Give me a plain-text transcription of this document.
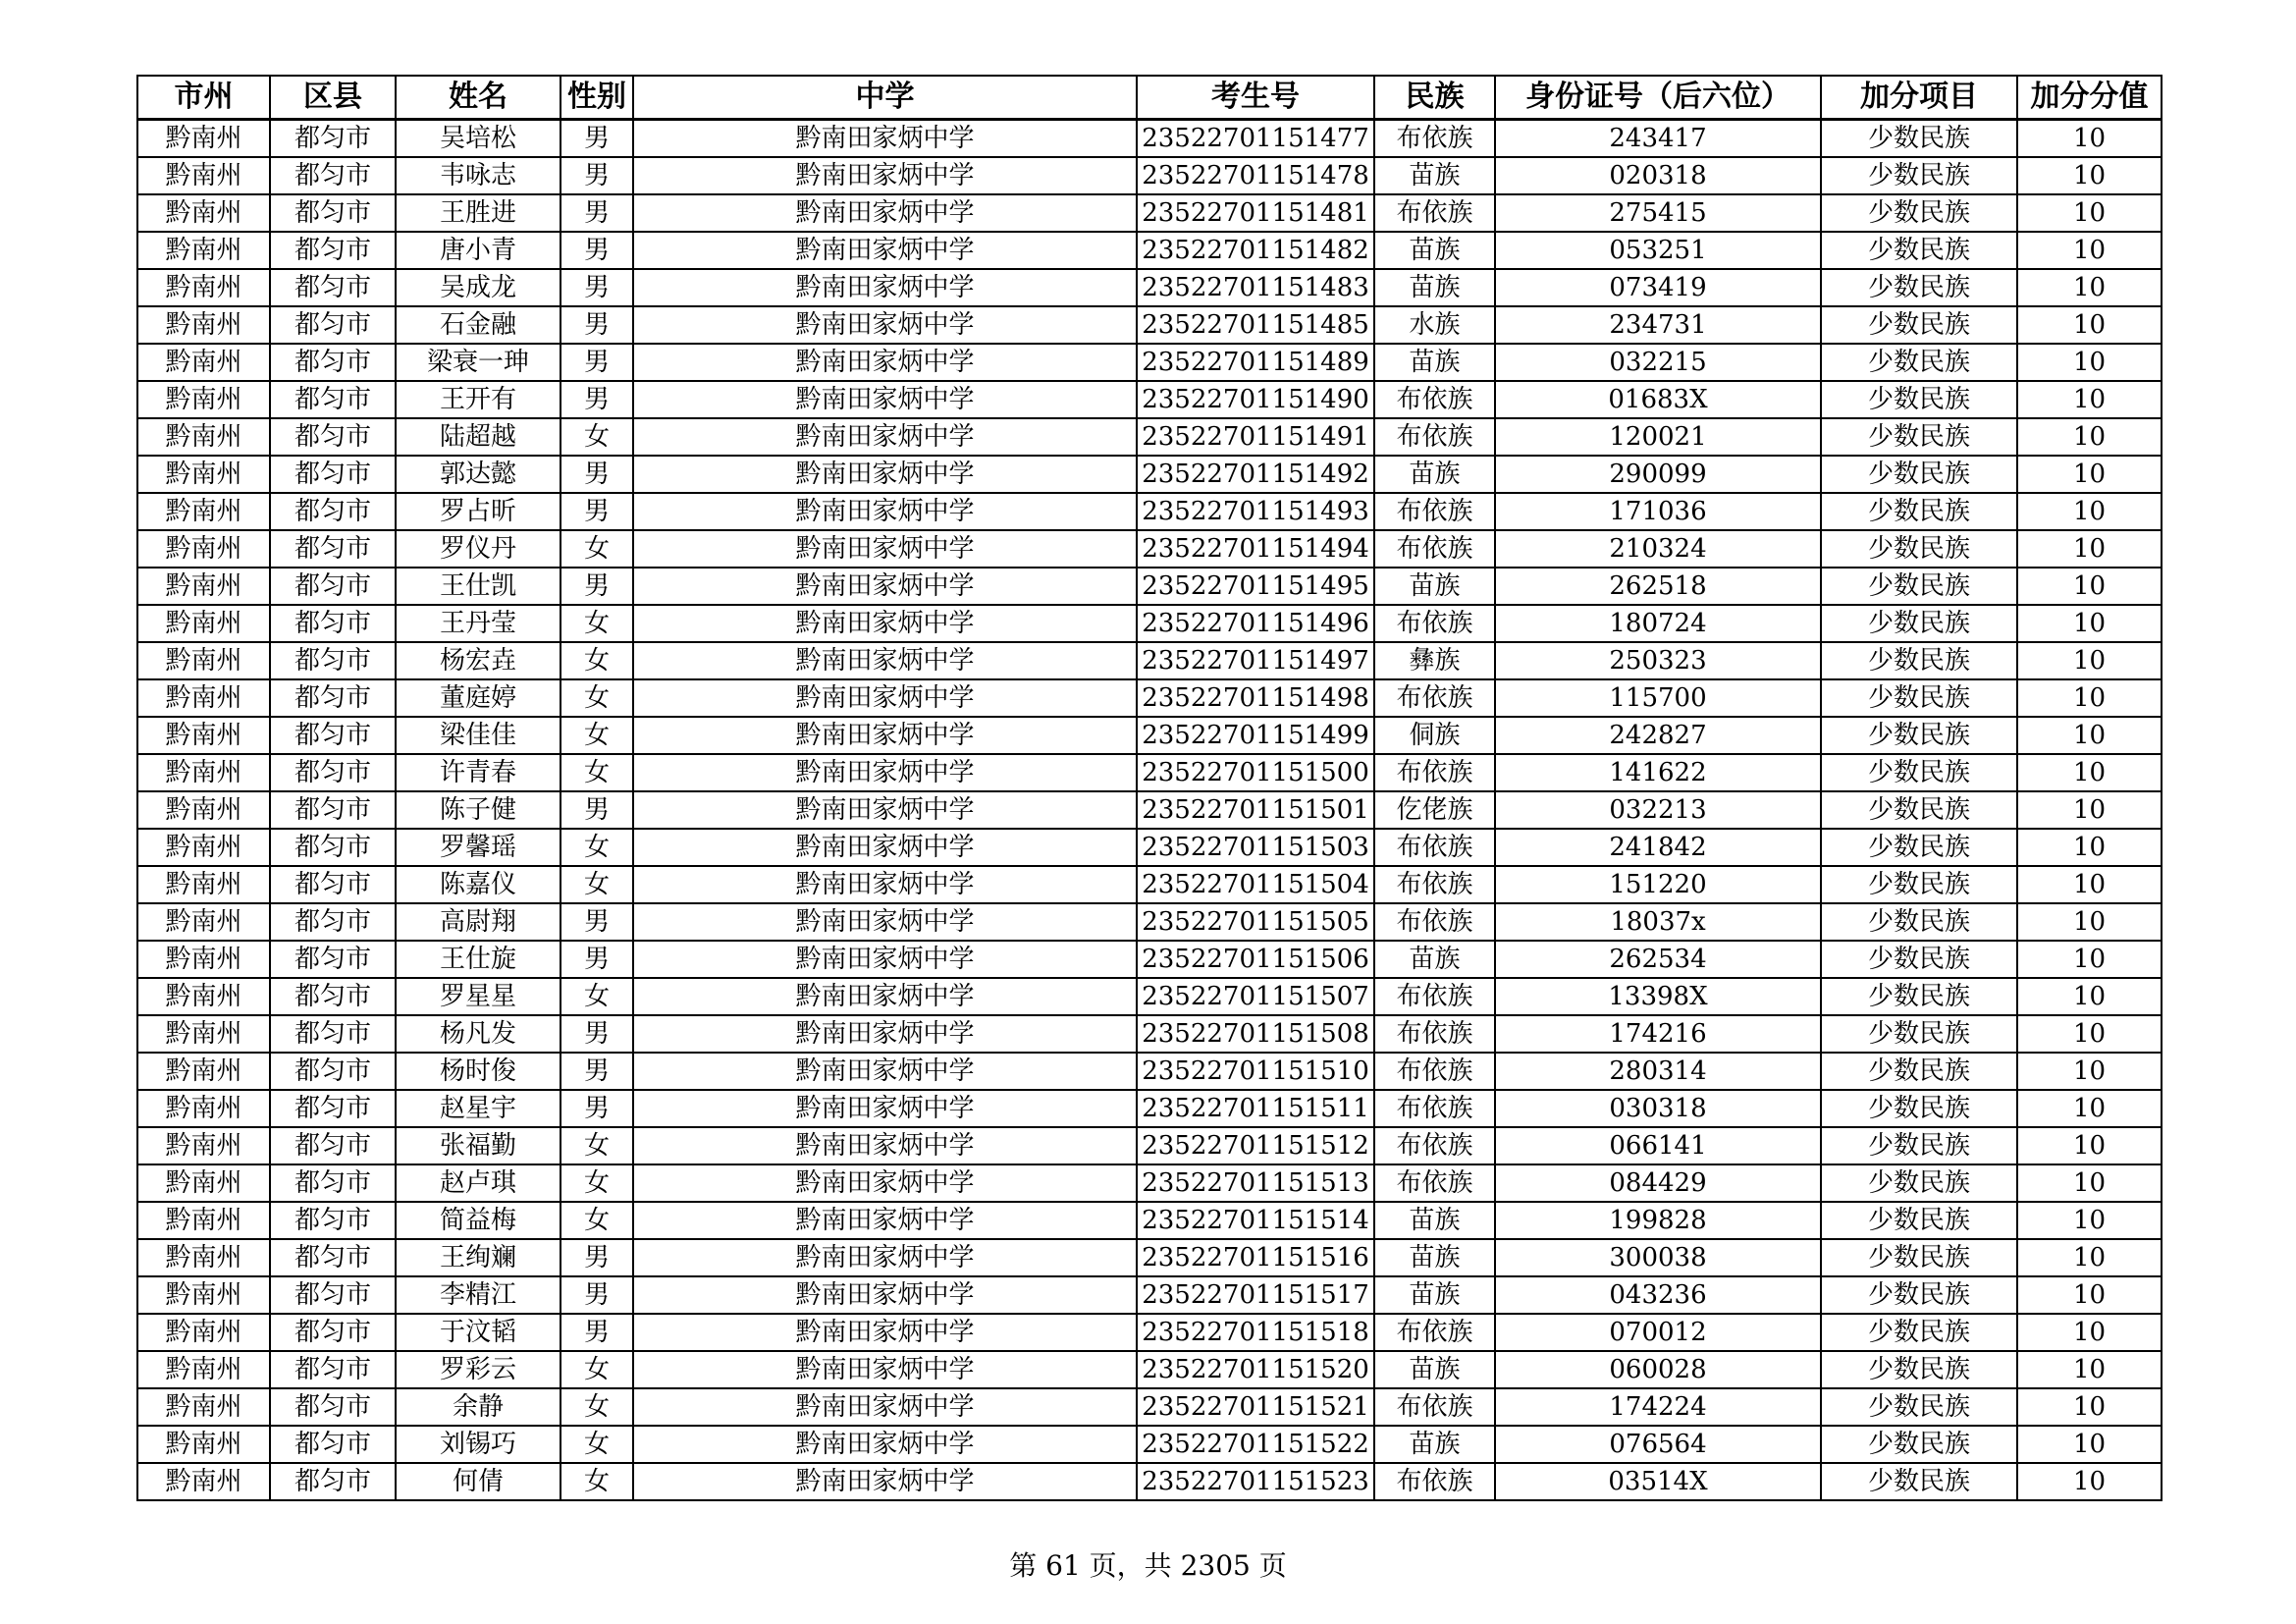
市州	区县	姓名	性别	中学	考生号	民族	身份证号（后六位）	加分项目	加分分值
黔南州	都匀市	吴培松	男	黔南田家炳中学	23522701151477	布依族	243417	少数民族	10
黔南州	都匀市	韦咏志	男	黔南田家炳中学	23522701151478	苗族	020318	少数民族	10
黔南州	都匀市	王胜进	男	黔南田家炳中学	23522701151481	布依族	275415	少数民族	10
黔南州	都匀市	唐小青	男	黔南田家炳中学	23522701151482	苗族	053251	少数民族	10
黔南州	都匀市	吴成龙	男	黔南田家炳中学	23522701151483	苗族	073419	少数民族	10
黔南州	都匀市	石金融	男	黔南田家炳中学	23522701151485	水族	234731	少数民族	10
黔南州	都匀市	梁衰一珅	男	黔南田家炳中学	23522701151489	苗族	032215	少数民族	10
黔南州	都匀市	王开有	男	黔南田家炳中学	23522701151490	布依族	01683X	少数民族	10
黔南州	都匀市	陆超越	女	黔南田家炳中学	23522701151491	布依族	120021	少数民族	10
黔南州	都匀市	郭达懿	男	黔南田家炳中学	23522701151492	苗族	290099	少数民族	10
黔南州	都匀市	罗占昕	男	黔南田家炳中学	23522701151493	布依族	171036	少数民族	10
黔南州	都匀市	罗仪丹	女	黔南田家炳中学	23522701151494	布依族	210324	少数民族	10
黔南州	都匀市	王仕凯	男	黔南田家炳中学	23522701151495	苗族	262518	少数民族	10
黔南州	都匀市	王丹莹	女	黔南田家炳中学	23522701151496	布依族	180724	少数民族	10
黔南州	都匀市	杨宏垚	女	黔南田家炳中学	23522701151497	彝族	250323	少数民族	10
黔南州	都匀市	董庭婷	女	黔南田家炳中学	23522701151498	布依族	115700	少数民族	10
黔南州	都匀市	梁佳佳	女	黔南田家炳中学	23522701151499	侗族	242827	少数民族	10
黔南州	都匀市	许青春	女	黔南田家炳中学	23522701151500	布依族	141622	少数民族	10
黔南州	都匀市	陈子健	男	黔南田家炳中学	23522701151501	仡佬族	032213	少数民族	10
黔南州	都匀市	罗馨瑶	女	黔南田家炳中学	23522701151503	布依族	241842	少数民族	10
黔南州	都匀市	陈嘉仪	女	黔南田家炳中学	23522701151504	布依族	151220	少数民族	10
黔南州	都匀市	高尉翔	男	黔南田家炳中学	23522701151505	布依族	18037x	少数民族	10
黔南州	都匀市	王仕旋	男	黔南田家炳中学	23522701151506	苗族	262534	少数民族	10
黔南州	都匀市	罗星星	女	黔南田家炳中学	23522701151507	布依族	13398X	少数民族	10
黔南州	都匀市	杨凡发	男	黔南田家炳中学	23522701151508	布依族	174216	少数民族	10
黔南州	都匀市	杨时俊	男	黔南田家炳中学	23522701151510	布依族	280314	少数民族	10
黔南州	都匀市	赵星宇	男	黔南田家炳中学	23522701151511	布依族	030318	少数民族	10
黔南州	都匀市	张福勤	女	黔南田家炳中学	23522701151512	布依族	066141	少数民族	10
黔南州	都匀市	赵卢琪	女	黔南田家炳中学	23522701151513	布依族	084429	少数民族	10
黔南州	都匀市	简益梅	女	黔南田家炳中学	23522701151514	苗族	199828	少数民族	10
黔南州	都匀市	王绚斓	男	黔南田家炳中学	23522701151516	苗族	300038	少数民族	10
黔南州	都匀市	李精江	男	黔南田家炳中学	23522701151517	苗族	043236	少数民族	10
黔南州	都匀市	于汶韬	男	黔南田家炳中学	23522701151518	布依族	070012	少数民族	10
黔南州	都匀市	罗彩云	女	黔南田家炳中学	23522701151520	苗族	060028	少数民族	10
黔南州	都匀市	余静	女	黔南田家炳中学	23522701151521	布依族	174224	少数民族	10
黔南州	都匀市	刘锡巧	女	黔南田家炳中学	23522701151522	苗族	076564	少数民族	10
黔南州	都匀市	何倩	女	黔南田家炳中学	23522701151523	布依族	03514X	少数民族	10
第 61 页，共 2305 页
